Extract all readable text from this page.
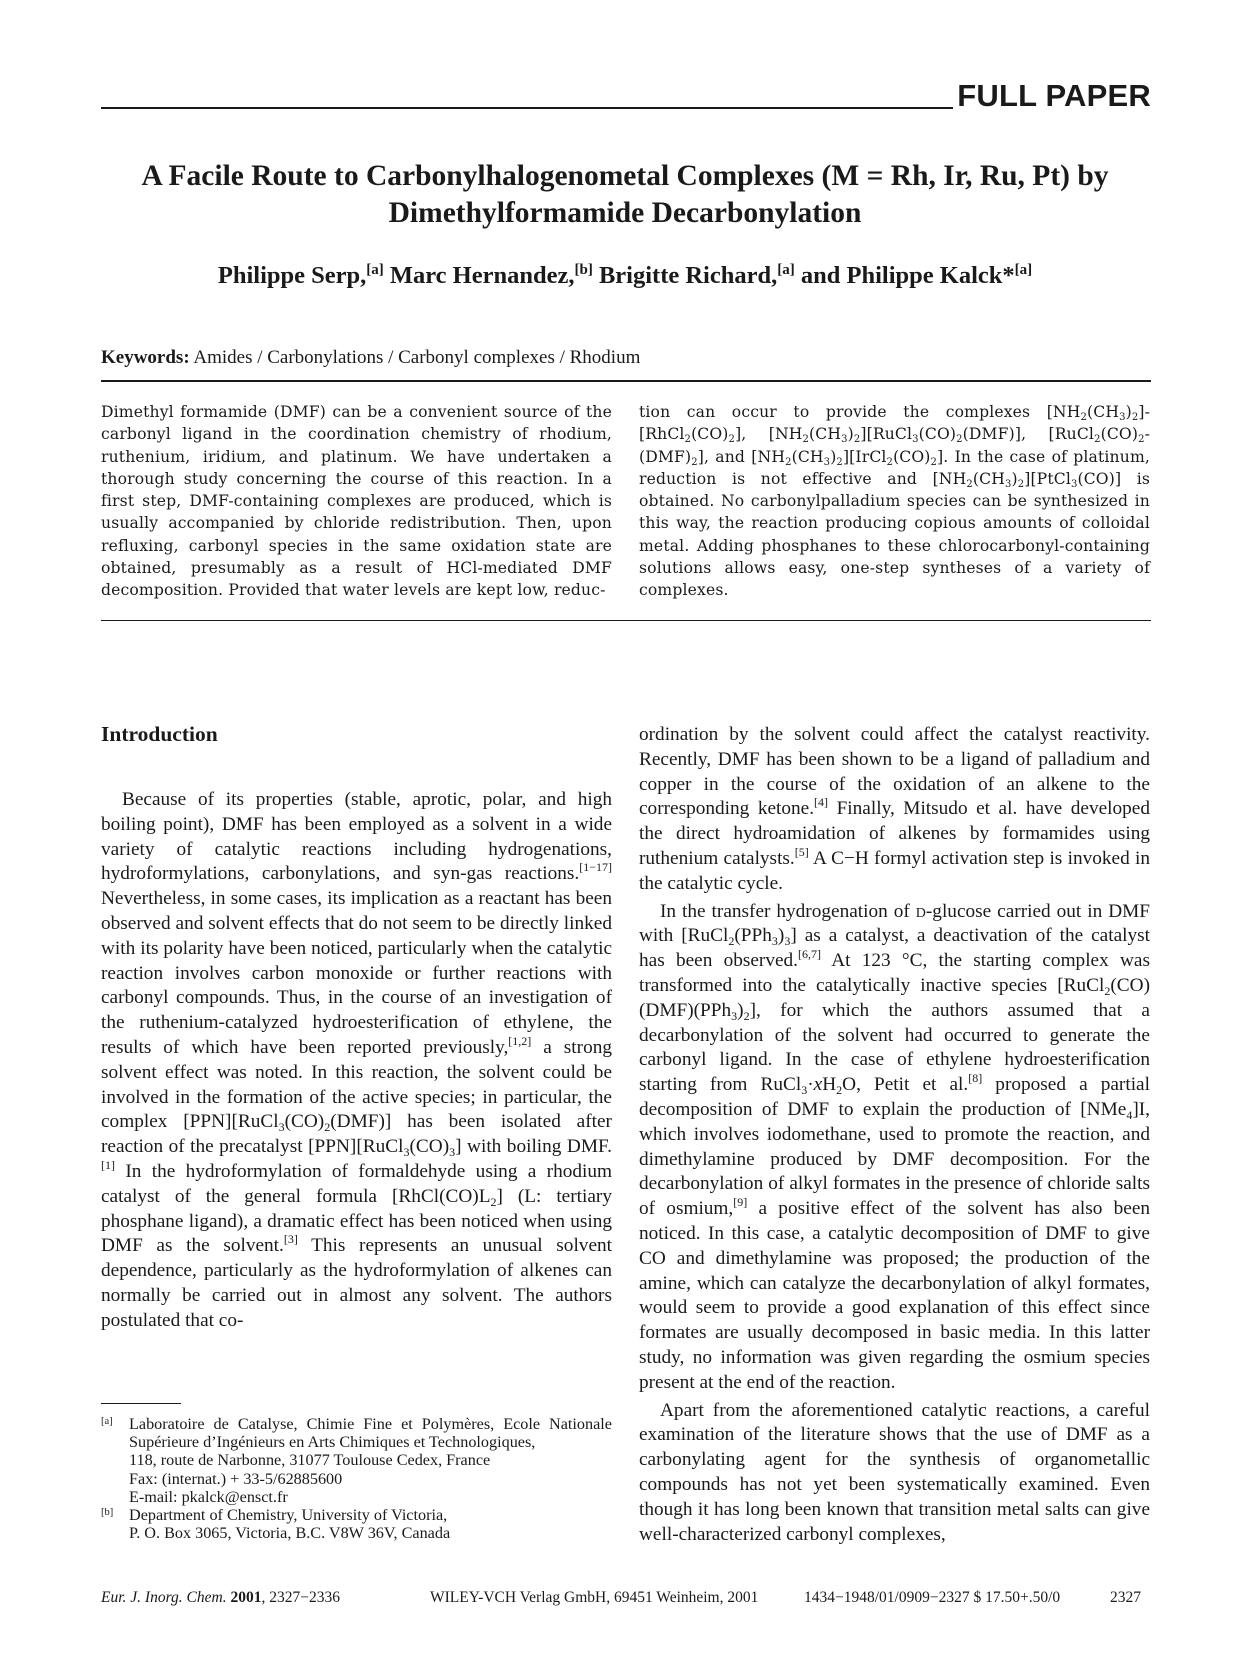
FULL PAPER
A Facile Route to Carbonylhalogenometal Complexes (M = Rh, Ir, Ru, Pt) by
Dimethylformamide Decarbonylation
Philippe Serp,[a] Marc Hernandez,[b] Brigitte Richard,[a] and Philippe Kalck*[a]
Keywords: Amides / Carbonylations / Carbonyl complexes / Rhodium
Dimethyl formamide (DMF) can be a convenient source of the carbonyl ligand in the coordination chemistry of rhodium, ruthenium, iridium, and platinum. We have undertaken a thorough study concerning the course of this reaction. In a first step, DMF-containing complexes are produced, which is usually accompanied by chloride redistribution. Then, upon refluxing, carbonyl species in the same oxidation state are obtained, presumably as a result of HCl-mediated DMF decomposition. Provided that water levels are kept low, reduc-
tion can occur to provide the complexes $[NH_2(CH_3)_2]-[RhCl_2(CO)_2]$, $[NH_2(CH_3)_2][RuCl_3(CO)_2(DMF)]$, $[RuCl_2(CO)_2-(DMF)_2]$, and $[NH_2(CH_3)_2][IrCl_2(CO)_2]$. In the case of platinum, reduction is not effective and $[NH_2(CH_3)_2][PtCl_3(CO)]$ is obtained. No carbonylpalladium species can be synthesized in this way, the reaction producing copious amounts of colloidal metal. Adding phosphanes to these chlorocarbonyl-containing solutions allows easy, one-step syntheses of a variety of complexes.
Introduction

Because of its properties (stable, aprotic, polar, and high boiling point), DMF has been employed as a solvent in a wide variety of catalytic reactions including hydrogenations, hydroformylations, carbonylations, and syn-gas reactions.[1−17] Nevertheless, in some cases, its implication as a reactant has been observed and solvent effects that do not seem to be directly linked with its polarity have been noticed, particularly when the catalytic reaction involves carbon monoxide or further reactions with carbonyl compounds. Thus, in the course of an investigation of the ruthenium-catalyzed hydroesterification of ethylene, the results of which have been reported previously,[1,2] a strong solvent effect was noted. In this reaction, the solvent could be involved in the formation of the active species; in particular, the complex $[PPN][RuCl_3(CO)_2(DMF)]$ has been isolated after reaction of the precatalyst $[PPN][RuCl_3(CO)_3]$ with boiling DMF.[1] In the hydroformylation of formaldehyde using a rhodium catalyst of the general formula $[RhCl(CO)L_2]$ (L: tertiary phosphane ligand), a dramatic effect has been noticed when using DMF as the solvent.[3] This represents an unusual solvent dependence, particularly as the hydroformylation of alkenes can normally be carried out in almost any solvent. The authors postulated that co-

ordination by the solvent could affect the catalyst reactivity. Recently, DMF has been shown to be a ligand of palladium and copper in the course of the oxidation of an alkene to the corresponding ketone.[4] Finally, Mitsudo et al. have developed the direct hydroamidation of alkenes by formamides using ruthenium catalysts.[5] A C−H formyl activation step is invoked in the catalytic cycle.

In the transfer hydrogenation of d-glucose carried out in DMF with $[RuCl_2(PPh_3)_3]$ as a catalyst, a deactivation of the catalyst has been observed.[6,7] At 123 °C, the starting complex was transformed into the catalytically inactive species $[RuCl_2(CO)(DMF)(PPh_3)_2]$, for which the authors assumed that a decarbonylation of the solvent had occurred to generate the carbonyl ligand. In the case of ethylene hydroesterification starting from $RuCl_3\cdot xH_2O$, Petit et al.[8] proposed a partial decomposition of DMF to explain the production of [NMe$_4$]I, which involves iodomethane, used to promote the reaction, and dimethylamine produced by DMF decomposition. For the decarbonylation of alkyl formates in the presence of chloride salts of osmium,[9] a positive effect of the solvent has also been noticed. In this case, a catalytic decomposition of DMF to give CO and dimethylamine was proposed; the production of the amine, which can catalyze the decarbonylation of alkyl formates, would seem to provide a good explanation of this effect since formates are usually decomposed in basic media. In this latter study, no information was given regarding the osmium species present at the end of the reaction.

Apart from the aforementioned catalytic reactions, a careful examination of the literature shows that the use of DMF as a carbonylating agent for the synthesis of organometallic compounds has not yet been systematically examined. Even though it has long been known that transition metal salts can give well-characterized carbonyl complexes,

[a] Laboratoire de Catalyse, Chimie Fine et Polymères, Ecole Nationale Supérieure d’Ingénieurs en Arts Chimiques et Technologiques,
118, route de Narbonne, 31077 Toulouse Cedex, France
Fax: (internat.) + 33-5/62885600
E-mail: pkalck@ensct.fr
[b] Department of Chemistry, University of Victoria,
P. O. Box 3065, Victoria, B.C. V8W 36V, Canada
Eur. J. Inorg. Chem. 2001, 2327−2336	WILEY-VCH Verlag GmbH, 69451 Weinheim, 2001	1434−1948/01/0909−2327 $ 17.50+.50/0	2327
